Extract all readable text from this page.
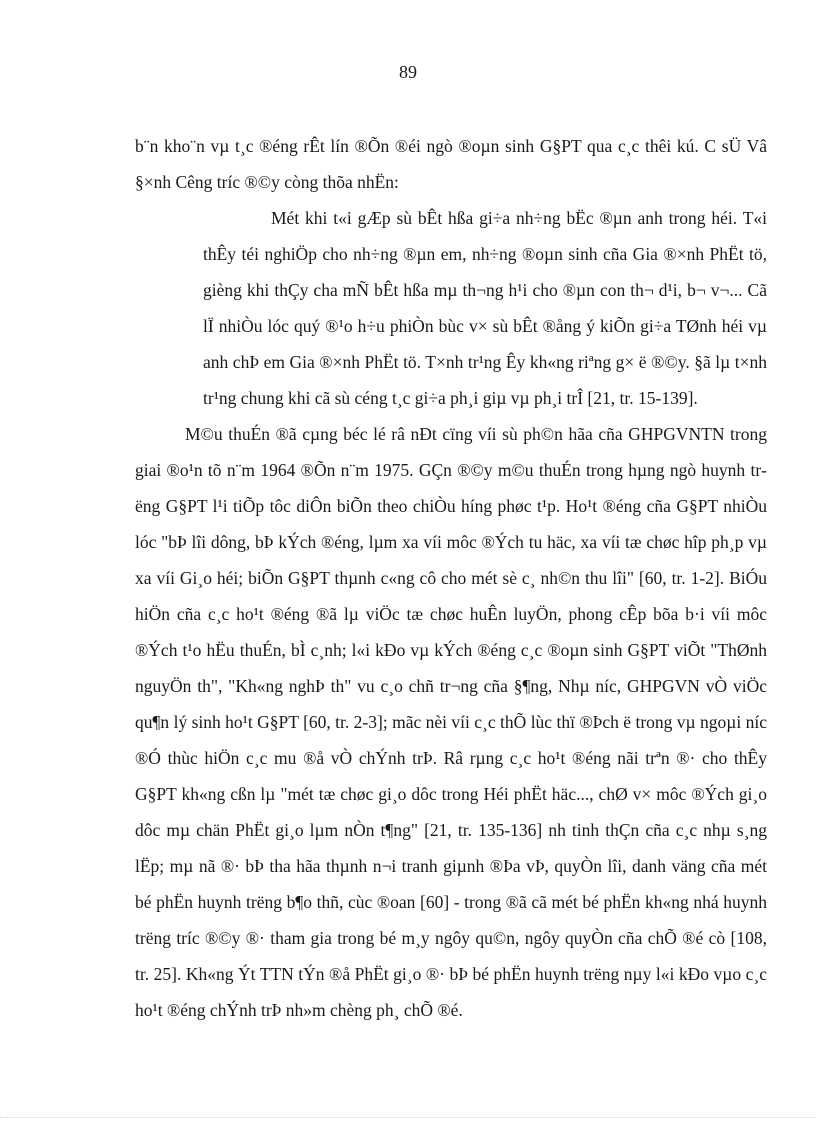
89

b¨n kho¨n vµ t¸c ®éng rÊt lín ®Õn ®éi ngò ®oµn sinh G§PT qua c¸c thêi kú. C sÜ Vâ §×nh Cêng tríc ®©y còng thõa nhËn:

Mét khi t«i gÆp sù bÊt hßa gi÷a nh÷ng bËc ®µn anh trong héi. T«i thÊy téi nghiÖp cho nh÷ng ®µn em, nh÷ng ®oµn sinh cña Gia ®×nh PhËt tö, gièng khi thÇy cha mÑ bÊt hßa mµ th¬ng h¹i cho ®µn con th¬ d¹i, b¬ v¬... Cã lÏ nhiÒu lóc quý ®¹o h÷u phiÒn bùc v× sù bÊt ®ång ý kiÕn gi÷a TØnh héi vµ anh chÞ em Gia ®×nh PhËt tö. T×nh tr¹ng Êy kh«ng riªng g× ë ®©y. §ã lµ t×nh tr¹ng chung khi cã sù céng t¸c gi÷a ph¸i giµ vµ ph¸i trÎ [21, tr. 15-139].

M©u thuÉn ®ã cµng béc lé râ nÐt cïng víi sù ph©n hãa cña GHPGVNTN trong giai ®o¹n tõ n¨m 1964 ®Õn n¨m 1975. GÇn ®©y m©u thuÉn trong hµng ngò huynh trëng G§PT l¹i tiÕp tôc diÔn biÕn theo chiÒu híng phøc t¹p. Ho¹t ®éng cña G§PT nhiÒu lóc "bÞ lîi dông, bÞ kÝch ®éng, lµm xa víi môc ®Ých tu häc, xa víi tæ chøc hîp ph¸p vµ xa víi Gi¸o héi; biÕn G§PT thµnh c«ng cô cho mét sè c¸ nh©n thu lîi" [60, tr. 1-2]. BiÓu hiÖn cña c¸c ho¹t ®éng ®ã lµ viÖc tæ chøc huÊn luyÖn, phong cÊp bõa b·i víi môc ®Ých t¹o hËu thuÉn, bÌ c¸nh; l«i kÐo vµ kÝch ®éng c¸c ®oµn sinh G§PT viÕt "ThØnh nguyÖn th", "Kh«ng nghÞ th" vu c¸o chñ tr¬ng cña §¶ng, Nhµ níc, GHPGVN vÒ viÖc qu¶n lý sinh ho¹t G§PT [60, tr. 2-3]; mãc nèi víi c¸c thÕ lùc thï ®Þch ë trong vµ ngoµi níc ®Ó thùc hiÖn c¸c mu ®å vÒ chÝnh trÞ. Râ rµng c¸c ho¹t ®éng nãi trªn ®· cho thÊy G§PT kh«ng cßn lµ "mét tæ chøc gi¸o dôc trong Héi phËt häc..., chØ v× môc ®Ých gi¸o dôc mµ chän PhËt gi¸o lµm nÒn t¶ng" [21, tr. 135-136] nh tinh thÇn cña c¸c nhµ s¸ng lËp; mµ nã ®· bÞ tha hãa thµnh n¬i tranh giµnh ®Þa vÞ, quyÒn lîi, danh väng cña mét bé phËn huynh trëng b¶o thñ, cùc ®oan [60] - trong ®ã cã mét bé phËn kh«ng nhá huynh trëng tríc ®©y ®· tham gia trong bé m¸y ngôy qu©n, ngôy quyÒn cña chÕ ®é cò [108, tr. 25]. Kh«ng Ýt TTN tÝn ®å PhËt gi¸o ®· bÞ bé phËn huynh trëng nµy l«i kÐo vµo c¸c ho¹t ®éng chÝnh trÞ nh»m chèng ph¸ chÕ ®é.
